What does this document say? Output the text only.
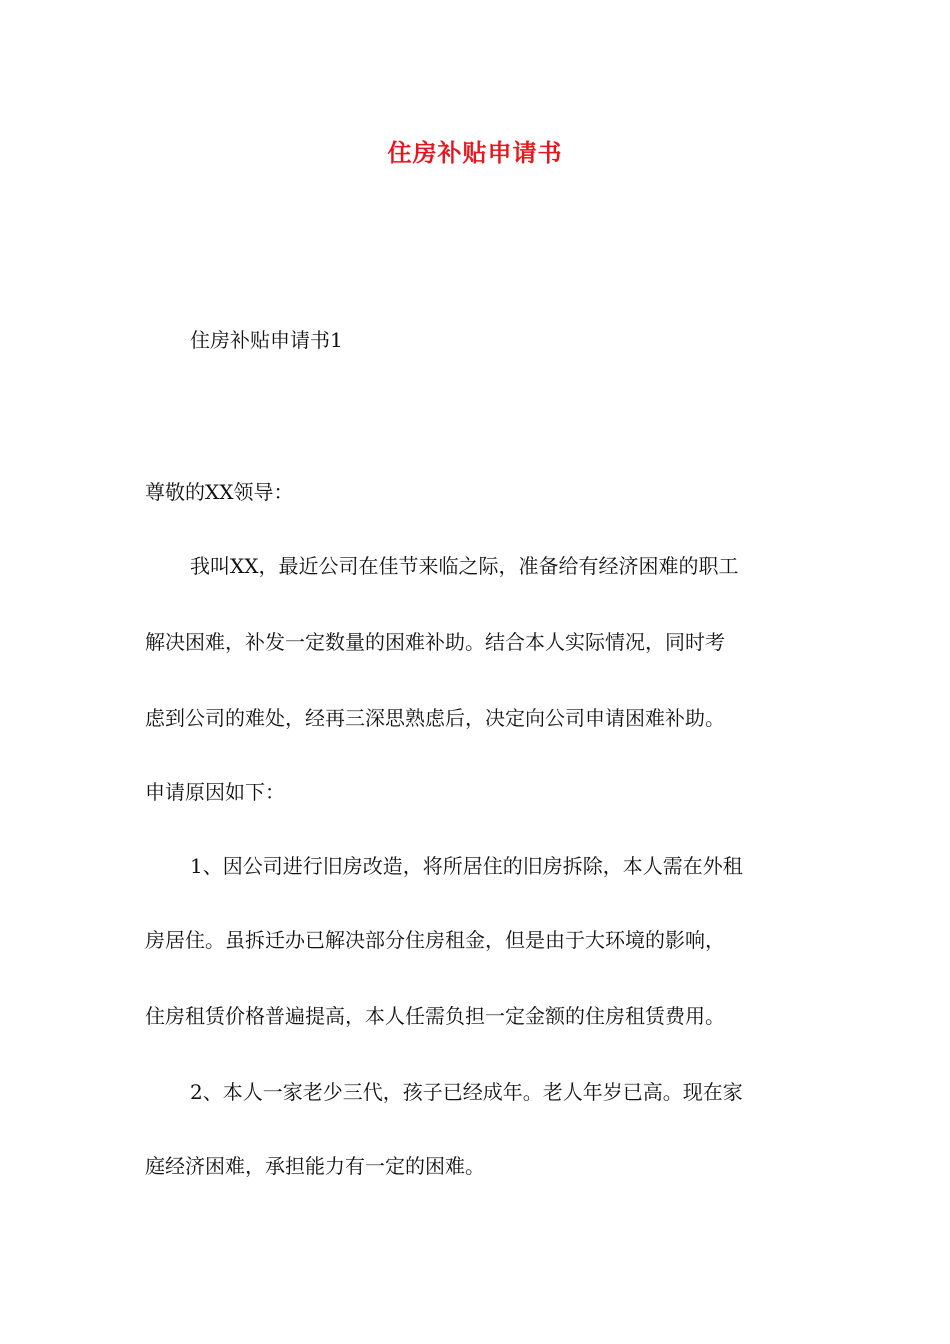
住房补贴申请书
住房补贴申请书1
尊敬的XX领导：
我叫XX，最近公司在佳节来临之际，准备给有经济困难的职工
解决困难，补发一定数量的困难补助。结合本人实际情况，同时考
虑到公司的难处，经再三深思熟虑后，决定向公司申请困难补助。
申请原因如下：
1、因公司进行旧房改造，将所居住的旧房拆除，本人需在外租
房居住。虽拆迁办已解决部分住房租金，但是由于大环境的影响，
住房租赁价格普遍提高，本人任需负担一定金额的住房租赁费用。
2、本人一家老少三代，孩子已经成年。老人年岁已高。现在家
庭经济困难，承担能力有一定的困难。
